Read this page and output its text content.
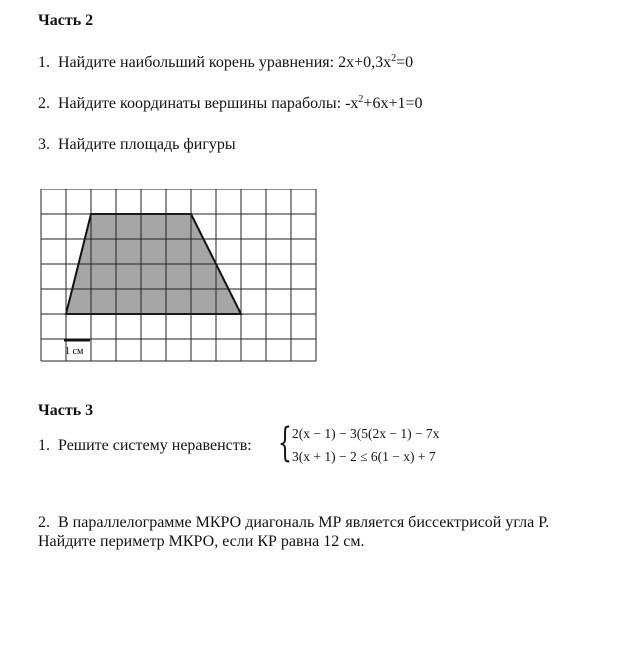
Часть 2
1. Найдите наибольший корень уравнения: $2x+0,3x^2=0$
2. Найдите координаты вершины параболы: $-x^2+6x+1=0$
3. Найдите площадь фигуры
1 см
Часть 3
1. Решите систему неравенств: { 2(x − 1) − 3(5(2x − 1) − 7x
3(x + 1) − 2 ≤ 6(1 − x) + 7
2. В параллелограмме МКРО диагональ МР является биссектрисой угла Р.
Найдите периметр МКРО, если КР равна 12 см.
